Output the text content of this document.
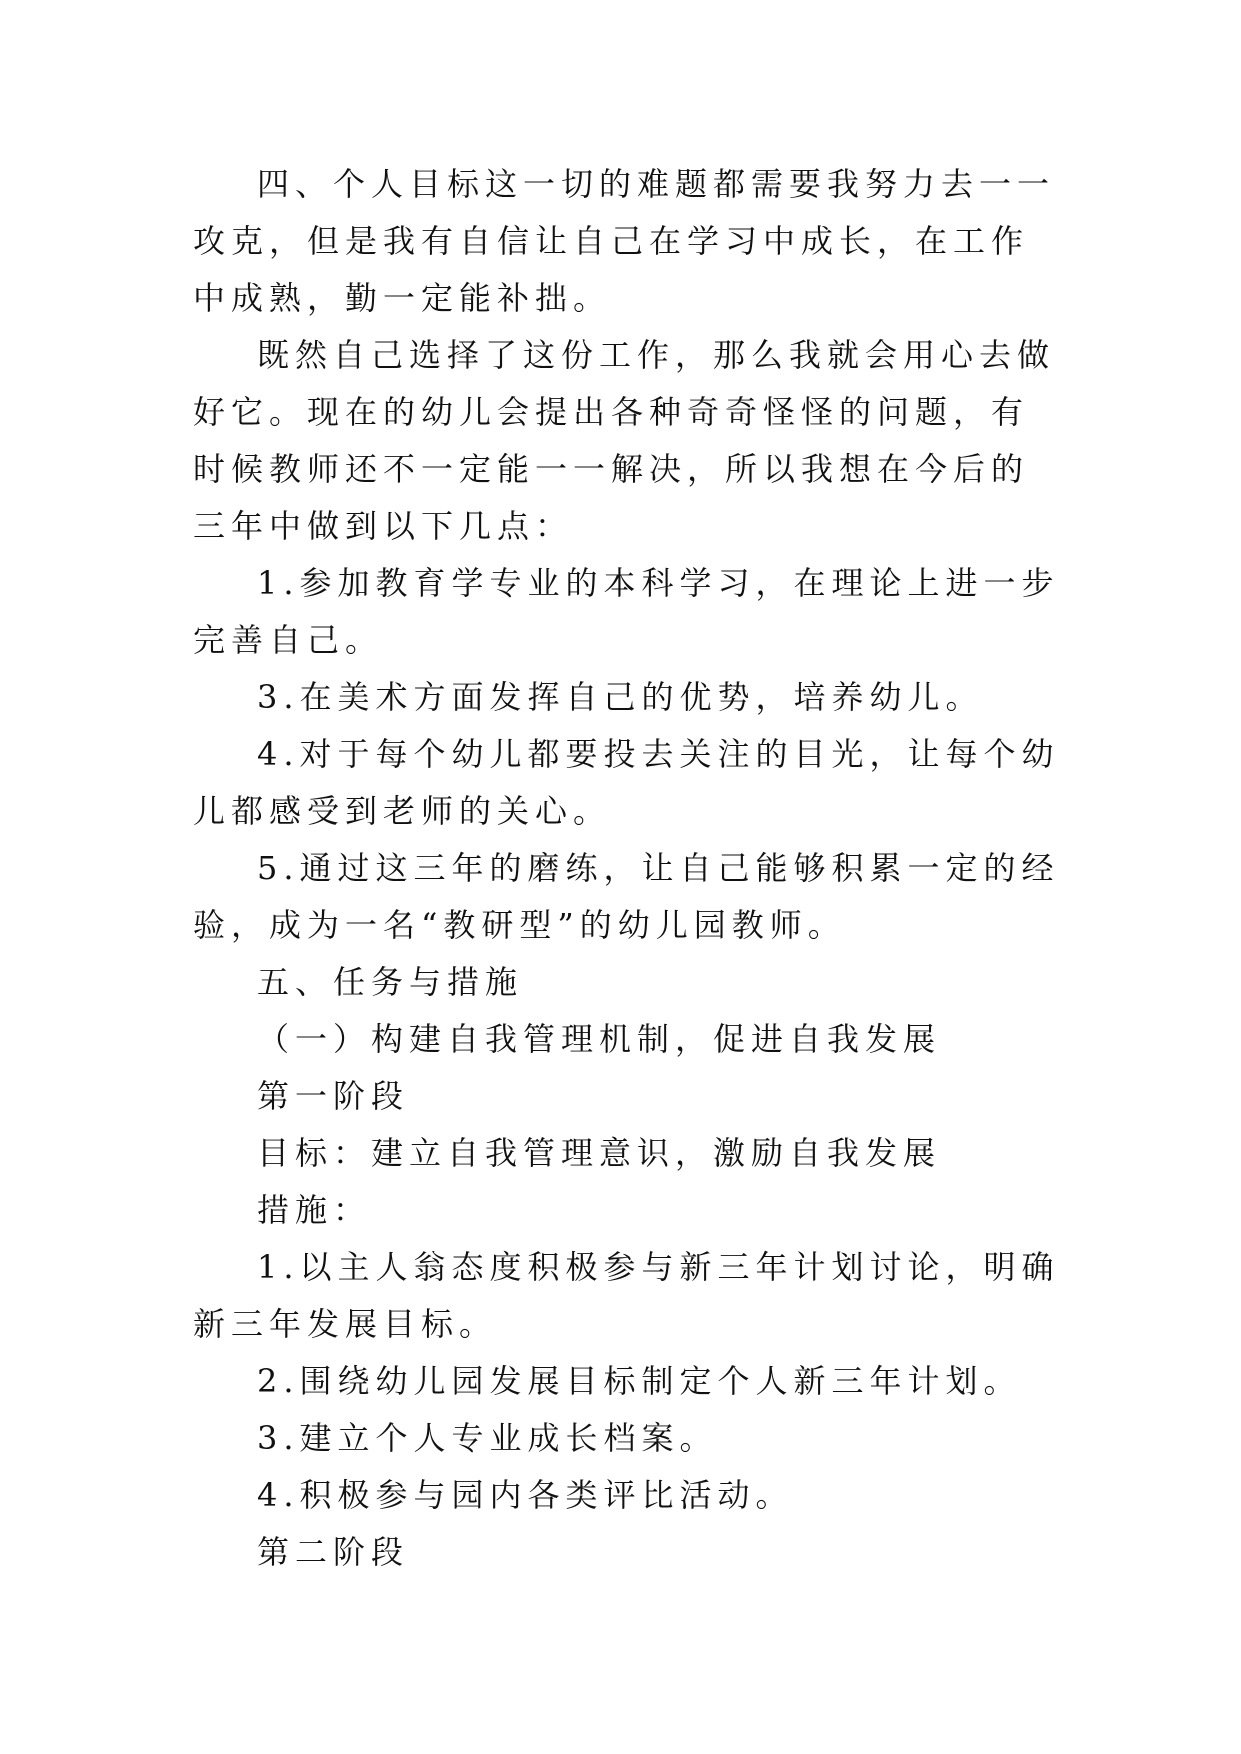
四、个人目标这一切的难题都需要我努力去一一攻克，但是我有自信让自己在学习中成长，在工作中成熟，勤一定能补拙。

既然自己选择了这份工作，那么我就会用心去做好它。现在的幼儿会提出各种奇奇怪怪的问题，有时候教师还不一定能一一解决，所以我想在今后的三年中做到以下几点：

1.参加教育学专业的本科学习，在理论上进一步完善自己。

3.在美术方面发挥自己的优势，培养幼儿。

4.对于每个幼儿都要投去关注的目光，让每个幼儿都感受到老师的关心。

5.通过这三年的磨练，让自己能够积累一定的经验，成为一名“教研型”的幼儿园教师。

五、任务与措施

（一）构建自我管理机制，促进自我发展

第一阶段

目标：建立自我管理意识，激励自我发展

措施：

1.以主人翁态度积极参与新三年计划讨论，明确新三年发展目标。

2.围绕幼儿园发展目标制定个人新三年计划。

3.建立个人专业成长档案。

4.积极参与园内各类评比活动。

第二阶段
